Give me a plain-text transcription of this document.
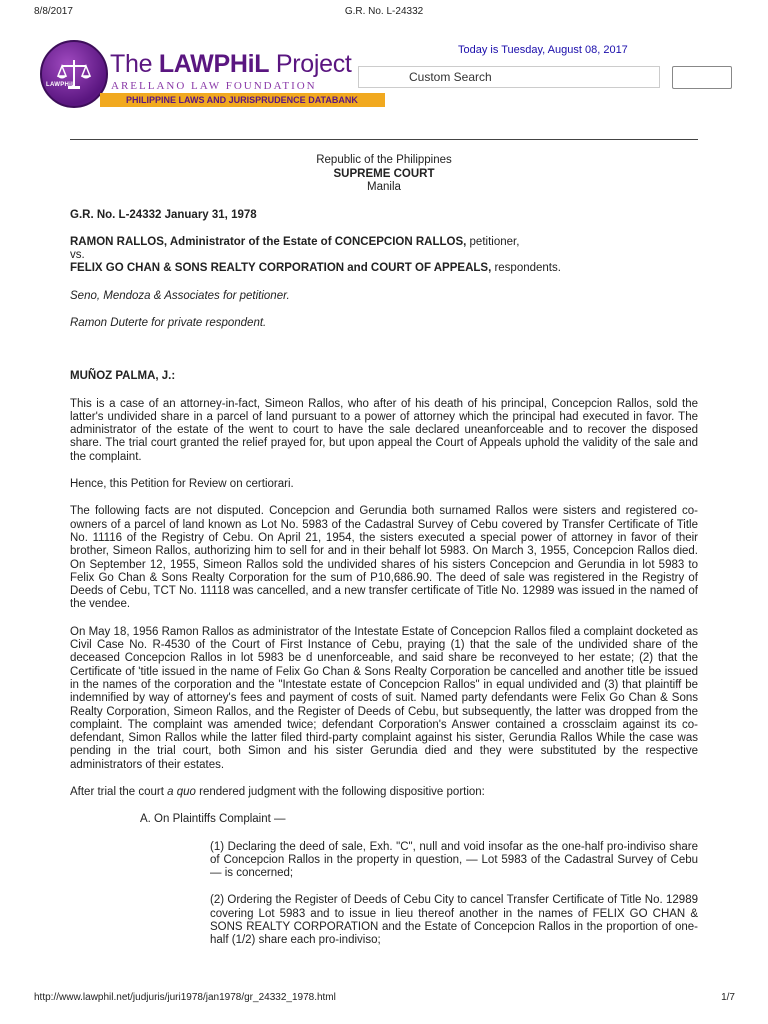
8/8/2017	G.R. No. L-24332
LAWPHiL
The LAWPHiL Project
ARELLANO LAW FOUNDATION
PHILIPPINE LAWS AND JURISPRUDENCE DATABANK
Today is Tuesday, August 08, 2017
Custom Search
Republic of the Philippines
SUPREME COURT
Manila

G.R. No. L-24332 January 31, 1978

RAMON RALLOS, Administrator of the Estate of CONCEPCION RALLOS, petitioner,
vs.
FELIX GO CHAN & SONS REALTY CORPORATION and COURT OF APPEALS, respondents.

Seno, Mendoza & Associates for petitioner.

Ramon Duterte for private respondent.

MUÑOZ PALMA, J.:

This is a case of an attorney-in-fact, Simeon Rallos, who after of his death of his principal, Concepcion Rallos, sold the latter's undivided share in a parcel of land pursuant to a power of attorney which the principal had executed in favor. The administrator of the estate of the went to court to have the sale declared uneanforceable and to recover the disposed share. The trial court granted the relief prayed for, but upon appeal the Court of Appeals uphold the validity of the sale and the complaint.

Hence, this Petition for Review on certiorari.

The following facts are not disputed. Concepcion and Gerundia both surnamed Rallos were sisters and registered co-owners of a parcel of land known as Lot No. 5983 of the Cadastral Survey of Cebu covered by Transfer Certificate of Title No. 11116 of the Registry of Cebu. On April 21, 1954, the sisters executed a special power of attorney in favor of their brother, Simeon Rallos, authorizing him to sell for and in their behalf lot 5983. On March 3, 1955, Concepcion Rallos died. On September 12, 1955, Simeon Rallos sold the undivided shares of his sisters Concepcion and Gerundia in lot 5983 to Felix Go Chan & Sons Realty Corporation for the sum of P10,686.90. The deed of sale was registered in the Registry of Deeds of Cebu, TCT No. 11118 was cancelled, and a new transfer certificate of Title No. 12989 was issued in the named of the vendee.

On May 18, 1956 Ramon Rallos as administrator of the Intestate Estate of Concepcion Rallos filed a complaint docketed as Civil Case No. R-4530 of the Court of First Instance of Cebu, praying (1) that the sale of the undivided share of the deceased Concepcion Rallos in lot 5983 be d unenforceable, and said share be reconveyed to her estate; (2) that the Certificate of 'title issued in the name of Felix Go Chan & Sons Realty Corporation be cancelled and another title be issued in the names of the corporation and the "Intestate estate of Concepcion Rallos" in equal undivided and (3) that plaintiff be indemnified by way of attorney's fees and payment of costs of suit. Named party defendants were Felix Go Chan & Sons Realty Corporation, Simeon Rallos, and the Register of Deeds of Cebu, but subsequently, the latter was dropped from the complaint. The complaint was amended twice; defendant Corporation's Answer contained a crossclaim against its co-defendant, Simon Rallos while the latter filed third-party complaint against his sister, Gerundia Rallos While the case was pending in the trial court, both Simon and his sister Gerundia died and they were substituted by the respective administrators of their estates.

After trial the court a quo rendered judgment with the following dispositive portion:

A. On Plaintiffs Complaint —

(1) Declaring the deed of sale, Exh. "C", null and void insofar as the one-half pro-indiviso share of Concepcion Rallos in the property in question, — Lot 5983 of the Cadastral Survey of Cebu — is concerned;

(2) Ordering the Register of Deeds of Cebu City to cancel Transfer Certificate of Title No. 12989 covering Lot 5983 and to issue in lieu thereof another in the names of FELIX GO CHAN & SONS REALTY CORPORATION and the Estate of Concepcion Rallos in the proportion of one-half (1/2) share each pro-indiviso;

http://www.lawphil.net/judjuris/juri1978/jan1978/gr_24332_1978.html	1/7
